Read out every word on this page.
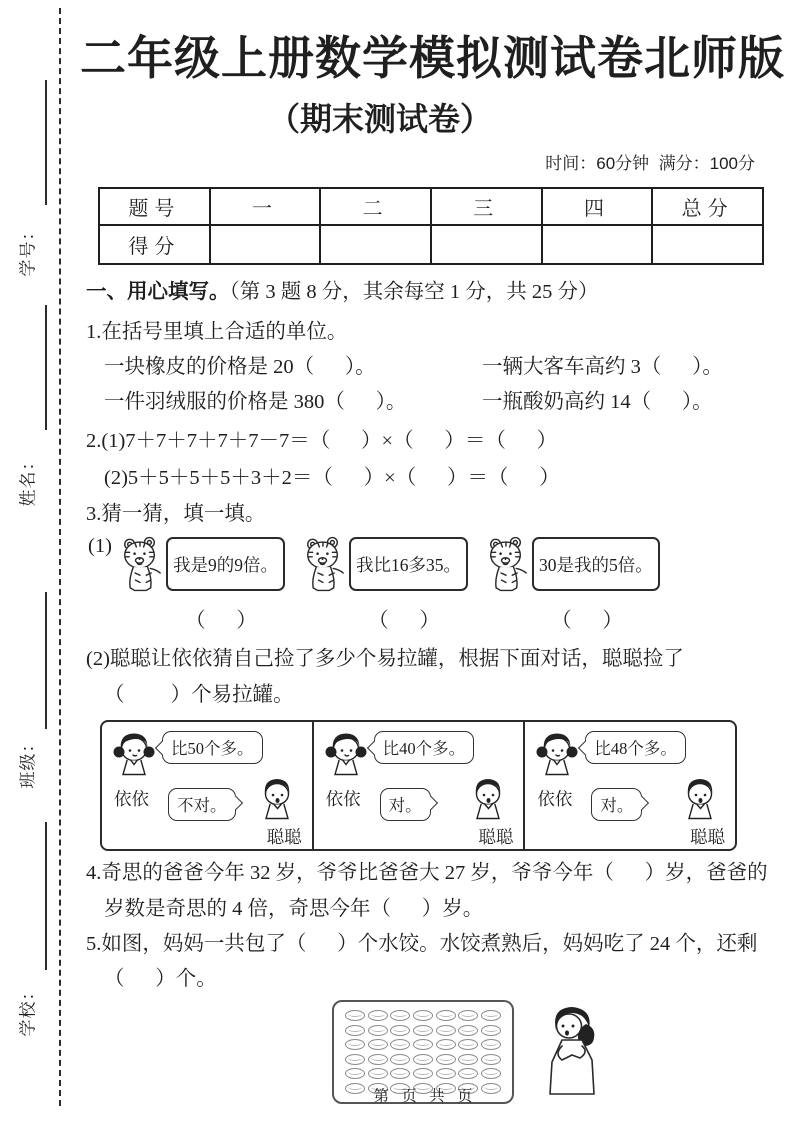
学号：
姓名：
班级：
学校：
二年级上册数学模拟测试卷北师版
（期末测试卷）
时间：60分钟  满分：100分
题号	一	二	三	四	总分
得分					

一、用心填写。（第 3 题 8 分，其余每空 1 分，共 25 分）

1.在括号里填上合适的单位。

一块橡皮的价格是 20（      ）。	一辆大客车高约 3（      ）。
一件羽绒服的价格是 380（      ）。	一瓶酸奶高约 14（      ）。

2.(1)7＋7＋7＋7＋7－7＝（      ）×（      ）＝（      ）

(2)5＋5＋5＋5＋3＋2＝（      ）×（      ）＝（      ）

3.猜一猜，填一填。

(1)
我是9的9倍。
（      ）
我比16多35。
（      ）
30是我的5倍。
（      ）

(2)聪聪让依依猜自己捡了多少个易拉罐，根据下面对话，聪聪捡了

（         ）个易拉罐。

依依
比50个多。
不对。
聪聪
依依
比40个多。
对。
聪聪
依依
比48个多。
对。
聪聪

4.奇思的爸爸今年 32 岁，爷爷比爸爸大 27 岁，爷爷今年（      ）岁，爸爸的

岁数是奇思的 4 倍，奇思今年（      ）岁。

5.如图，妈妈一共包了（      ）个水饺。水饺煮熟后，妈妈吃了 24 个，还剩

（      ）个。

第 页 共 页
